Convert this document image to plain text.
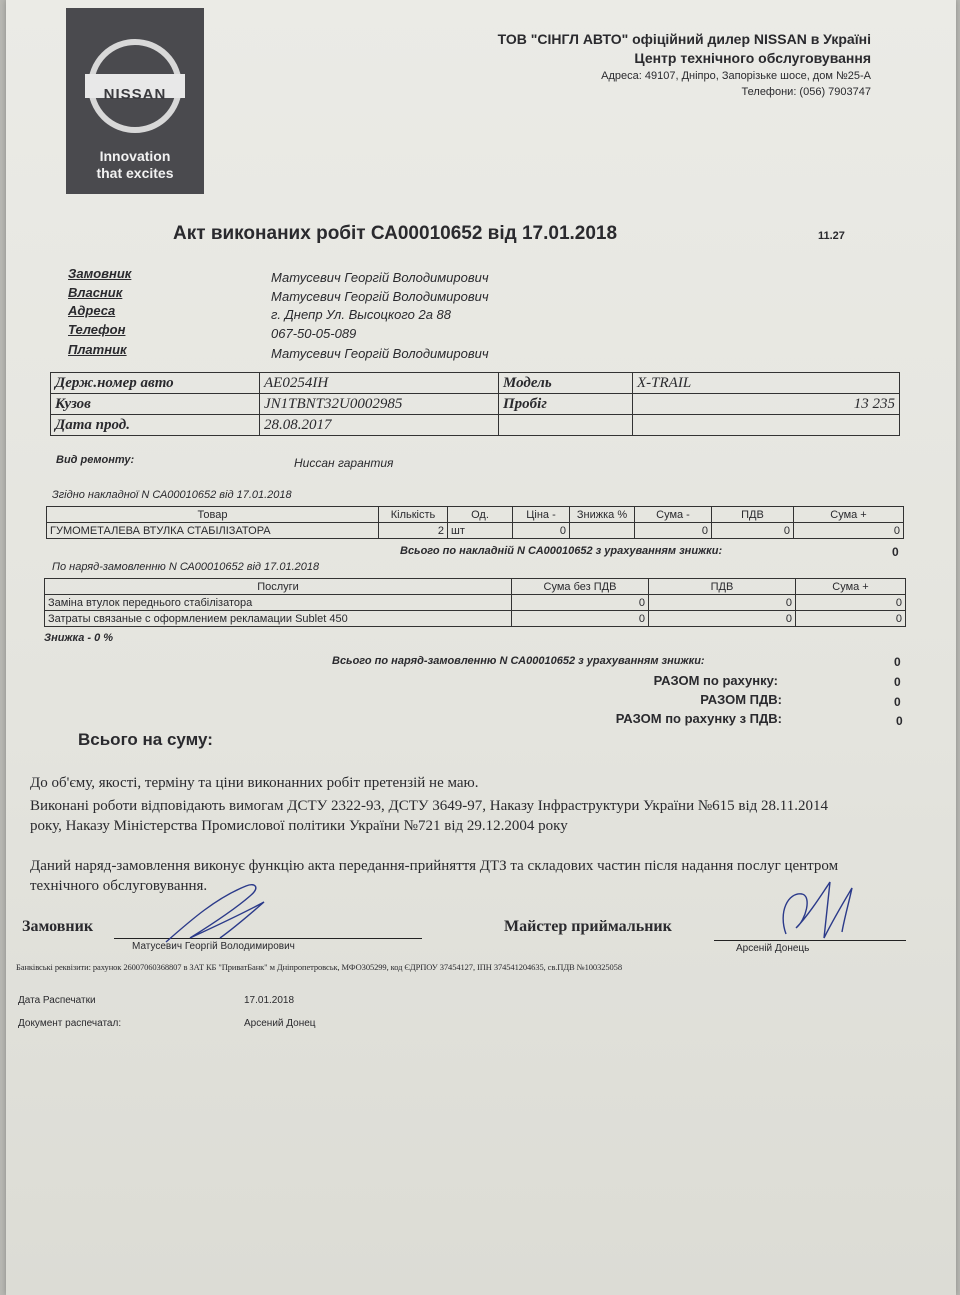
NISSAN
Innovation
that excites
ТОВ "СІНГЛ АВТО" офіційний дилер NISSAN в Україні
Центр технічного обслуговування
Адреса: 49107, Дніпро, Запорізьке шосе, дом №25-А
Телефони: (056) 7903747
Акт виконаних робіт СА00010652 від 17.01.2018	11.27
Замовник	Матусевич Георгій Володимирович
Власник	Матусевич Георгій Володимирович
Адреса	г. Днепр Ул. Высоцкого 2а 88
Телефон	067-50-05-089
Платник	Матусевич Георгій Володимирович
Держ.номер авто	AE0254IH	Модель	X-TRAIL
Кузов	JN1TBNT32U0002985	Пробіг	13 235
Дата прод.	28.08.2017		
Вид ремонту:	Ниссан гарантия
Згідно накладної N СА00010652 від 17.01.2018
Товар	Кількість	Од.	Ціна -	Знижка %	Сума -	ПДВ	Сума +
ГУМОМЕТАЛЕВА ВТУЛКА СТАБІЛІЗАТОРА	2	шт	0		0	0	0
Всього по накладній N СА00010652 з урахуванням знижки:	0
По наряд-замовленню N СА00010652 від 17.01.2018
Послуги	Сума без ПДВ	ПДВ	Сума +
Заміна втулок переднього стабілізатора	0	0	0
Затраты связаные с оформлением рекламации Sublet 450	0	0	0
Знижка - 0 %
Всього по наряд-замовленню N СА00010652 з урахуванням знижки:	0
РАЗОМ по рахунку:	0
РАЗОМ ПДВ:	0
РАЗОМ по рахунку з ПДВ:	0
Всього на суму:
До об'єму, якості, терміну та ціни виконанних робіт претензій не маю.
Виконані роботи відповідають вимогам ДСТУ 2322-93, ДСТУ 3649-97, Наказу Інфраструктури України №615 від 28.11.2014 року, Наказу Міністерства Промислової політики України №721 від 29.12.2004 року
Даний наряд-замовлення виконує функцію акта передання-прийняття ДТЗ та складових частин після надання послуг центром технічного обслуговування.
Замовник
Матусевич Георгій Володимирович
Майстер приймальник
Арсеній Донець
Банківські реквізити: рахунок 26007060368807 в ЗАТ КБ "ПриватБанк" м Дніпропетровськ, МФО305299, код ЄДРПОУ 37454127, ІПН 374541204635, св.ПДВ №100325058
Дата Распечатки	17.01.2018
Документ распечатал:	Арсений Донец
